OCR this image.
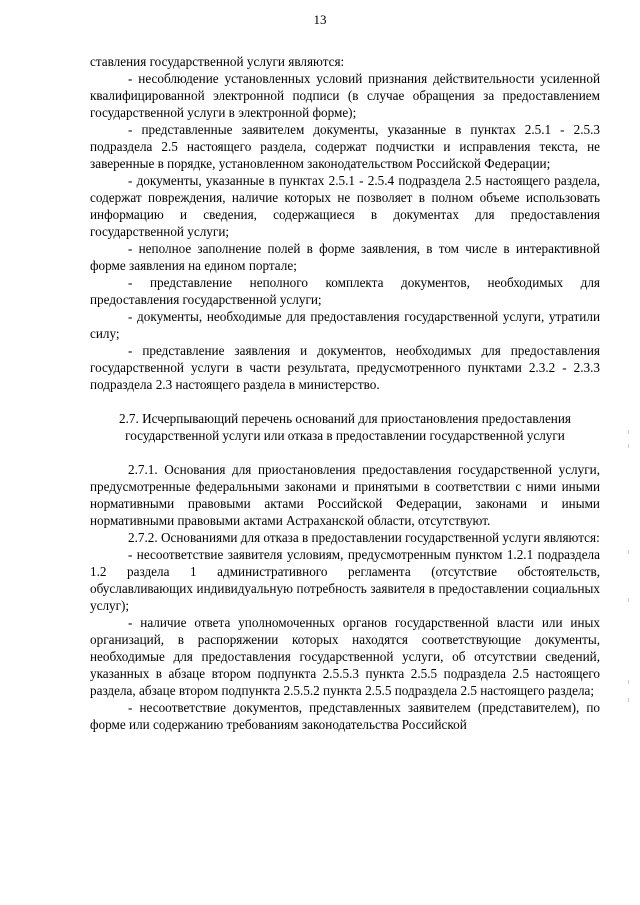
13

ставления государственной услуги являются:

- несоблюдение установленных условий признания действительности усиленной квалифицированной электронной подписи (в случае обращения за предоставлением государственной услуги в электронной форме);

- представленные заявителем документы, указанные в пунктах 2.5.1 - 2.5.3 подраздела 2.5 настоящего раздела, содержат подчистки и исправления текста, не заверенные в порядке, установленном законодательством Российской Федерации;

- документы, указанные в пунктах 2.5.1 - 2.5.4 подраздела 2.5 настоящего раздела, содержат повреждения, наличие которых не позволяет в полном объеме использовать информацию и сведения, содержащиеся в документах для предоставления государственной услуги;

- неполное заполнение полей в форме заявления, в том числе в интерактивной форме заявления на едином портале;

- представление неполного комплекта документов, необходимых для предоставления государственной услуги;

- документы, необходимые для предоставления государственной услуги, утратили силу;

- представление заявления и документов, необходимых для предоставления государственной услуги в части результата, предусмотренного пунктами 2.3.2 - 2.3.3 подраздела 2.3 настоящего раздела в министерство.

2.7. Исчерпывающий перечень оснований для приостановления предоставления государственной услуги или отказа в предоставлении государственной услуги

2.7.1. Основания для приостановления предоставления государственной услуги, предусмотренные федеральными законами и принятыми в соответствии с ними иными нормативными правовыми актами Российской Федерации, законами и иными нормативными правовыми актами Астраханской области, отсутствуют.

2.7.2. Основаниями для отказа в предоставлении государственной услуги являются:

- несоответствие заявителя условиям, предусмотренным пунктом 1.2.1 подраздела 1.2 раздела 1 административного регламента (отсутствие обстоятельств, обуславливающих индивидуальную потребность заявителя в предоставлении социальных услуг);

- наличие ответа уполномоченных органов государственной власти или иных организаций, в распоряжении которых находятся соответствующие документы, необходимые для предоставления государственной услуги, об отсутствии сведений, указанных в абзаце втором подпункта 2.5.5.3 пункта 2.5.5 подраздела 2.5 настоящего раздела, абзаце втором подпункта 2.5.5.2 пункта 2.5.5 подраздела 2.5 настоящего раздела;

- несоответствие документов, представленных заявителем (представителем), по форме или содержанию требованиям законодательства Российской
